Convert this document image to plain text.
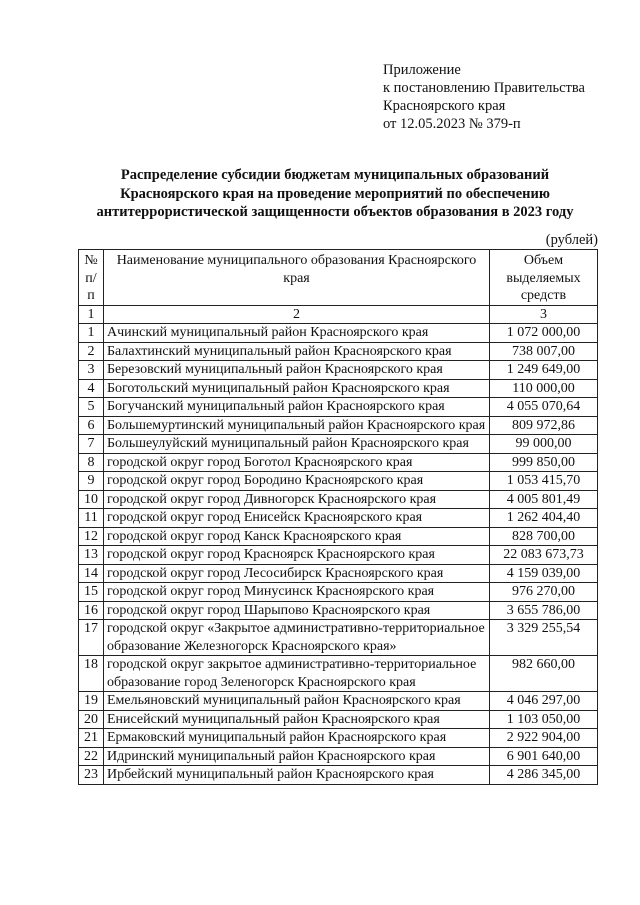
Приложение
к постановлению Правительства
Красноярского края
от 12.05.2023 № 379-п
Распределение субсидии бюджетам муниципальных образований
Красноярского края на проведение мероприятий по обеспечению
антитеррористической защищенности объектов образования в 2023 году
(рублей)
№ п/п	Наименование муниципального образования Красноярского края	Объем выделяемых средств
1	2	3
1	Ачинский муниципальный район Красноярского края	1 072 000,00
2	Балахтинский муниципальный район Красноярского края	738 007,00
3	Березовский муниципальный район Красноярского края	1 249 649,00
4	Боготольский муниципальный район Красноярского края	110 000,00
5	Богучанский муниципальный район Красноярского края	4 055 070,64
6	Большемуртинский муниципальный район Красноярского края	809 972,86
7	Большеулуйский муниципальный район Красноярского края	99 000,00
8	городской округ город Боготол Красноярского края	999 850,00
9	городской округ город Бородино Красноярского края	1 053 415,70
10	городской округ город Дивногорск Красноярского края	4 005 801,49
11	городской округ город Енисейск Красноярского края	1 262 404,40
12	городской округ город Канск Красноярского края	828 700,00
13	городской округ город Красноярск Красноярского края	22 083 673,73
14	городской округ город Лесосибирск Красноярского края	4 159 039,00
15	городской округ город Минусинск Красноярского края	976 270,00
16	городской округ город Шарыпово Красноярского края	3 655 786,00
17	городской округ «Закрытое административно-территориальное образование Железногорск Красноярского края»	3 329 255,54
18	городской округ закрытое административно-территориальное образование город Зеленогорск Красноярского края	982 660,00
19	Емельяновский муниципальный район Красноярского края	4 046 297,00
20	Енисейский муниципальный район Красноярского края	1 103 050,00
21	Ермаковский муниципальный район Красноярского края	2 922 904,00
22	Идринский муниципальный район Красноярского края	6 901 640,00
23	Ирбейский муниципальный район Красноярского края	4 286 345,00
